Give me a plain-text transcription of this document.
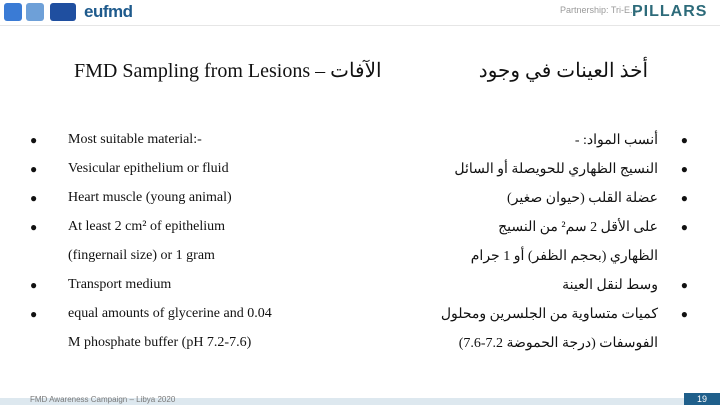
eufmd	Partnership: Tri-E...
PILLARS
FMD Sampling from Lesions – الآفات	أخذ العينات في وجود
● Most suitable material:-
● Vesicular epithelium or fluid
● Heart muscle (young animal)
● At least 2 cm² of epithelium
(fingernail size) or 1 gram
● Transport medium
● equal amounts of glycerine and 0.04
M phosphate buffer (pH 7.2-7.6)
●
أنسب المواد: -
●
النسيج الظهاري للحويصلة أو السائل
●
عضلة القلب (حيوان صغير)
●
على الأقل 2 سم² من النسيج
الظهاري (بحجم الظفر) أو 1 جرام
●
وسط لنقل العينة
●
كميات متساوية من الجلسرين ومحلول
الفوسفات (درجة الحموضة 7.2-7.6)
FMD Awareness Campaign – Libya 2020	19
